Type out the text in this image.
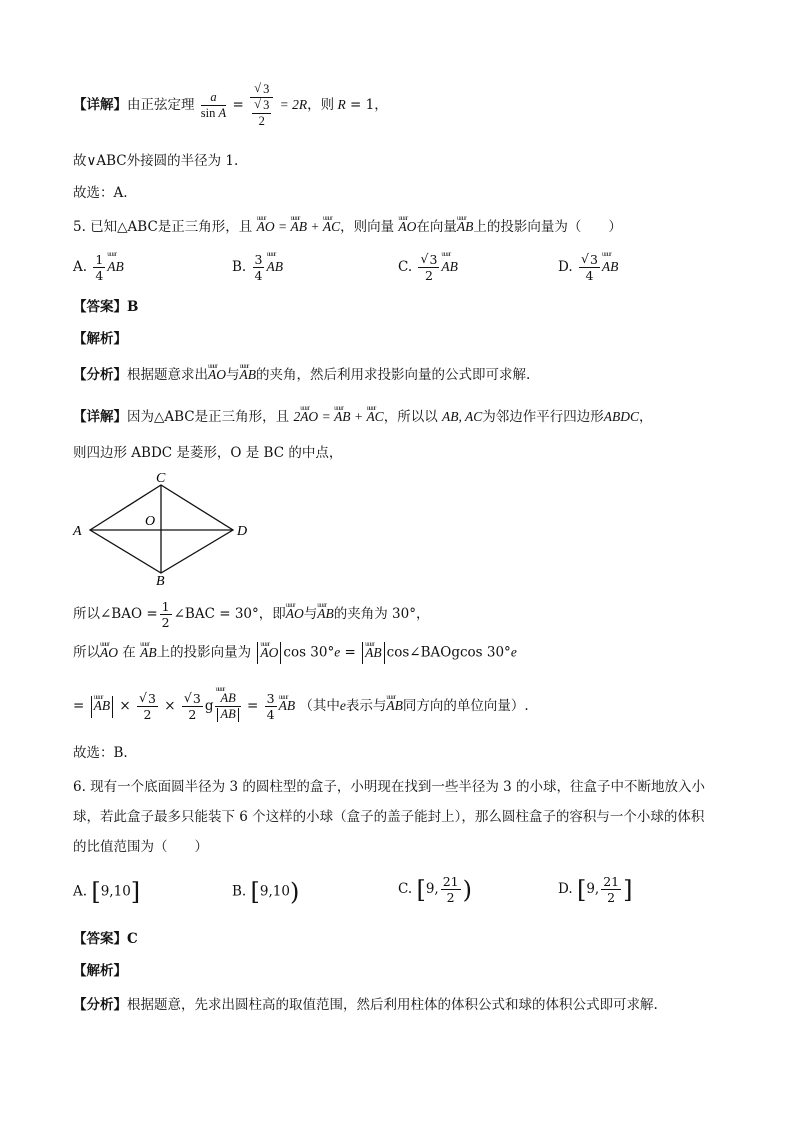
【详解】由正弦定理 $\frac{a}{\text{sin A}}$ = √ 3
√ $\frac{3}{2} = 2R$，则 R = 1，
故∨ABC外接圆的半径为 1.
故选：A.
5. 已知△ABC是正三角形，且 uuur AO = uuur AB + uuur AC，则向量 uuur AO在向量uuur AB上的投影向量为（　　）
A. $\frac{1}{4}$ uuur AB	B. $\frac{3}{4}$ uuur AB	C. √ $\frac{3}{2}$ uuur AB	D. √ $\frac{3}{4}$ uuur AB
【答案】B
【解析】
【分析】根据题意求出uuur AO与uuur AB的夹角，然后利用求投影向量的公式即可求解.
【详解】因为△ABC是正三角形，且 2uuur AO = uuur AB + uuur AC，所以以 AB, AC为邻边作平行四边形ABDC，
则四边形 ABDC 是菱形，O 是 BC 的中点，
A
C
D
B
O
所以∠BAO = $\frac{1}{2}$ ∠BAC = 30°，即uuur AO与uuur AB的夹角为 30°，
所以uuur AO 在 uuur AB上的投影向量为 uuur AO cos 30°e = uuur AB cos∠BAOgcos 30°e
= uuur AB × √ $\frac{3}{2}$ × √ $\frac{3}{2}$ g uuur $\frac{AB}{AB} = \frac{3}{4}$ uuur AB （其中e表示与uuur AB同方向的单位向量）.
故选：B.
6. 现有一个底面圆半径为 3 的圆柱型的盒子，小明现在找到一些半径为 3 的小球，往盒子中不断地放入小
球，若此盒子最多只能装下 6 个这样的小球（盒子的盖子能封上），那么圆柱盒子的容积与一个小球的体积
的比值范围为（　　）
A. [9,10]	B. [9,10)	C. [9, $\frac{21}{2}$ )	D. [9, $\frac{21}{2}$ ]
【答案】C
【解析】
【分析】根据题意，先求出圆柱高的取值范围，然后利用柱体的体积公式和球的体积公式即可求解.
